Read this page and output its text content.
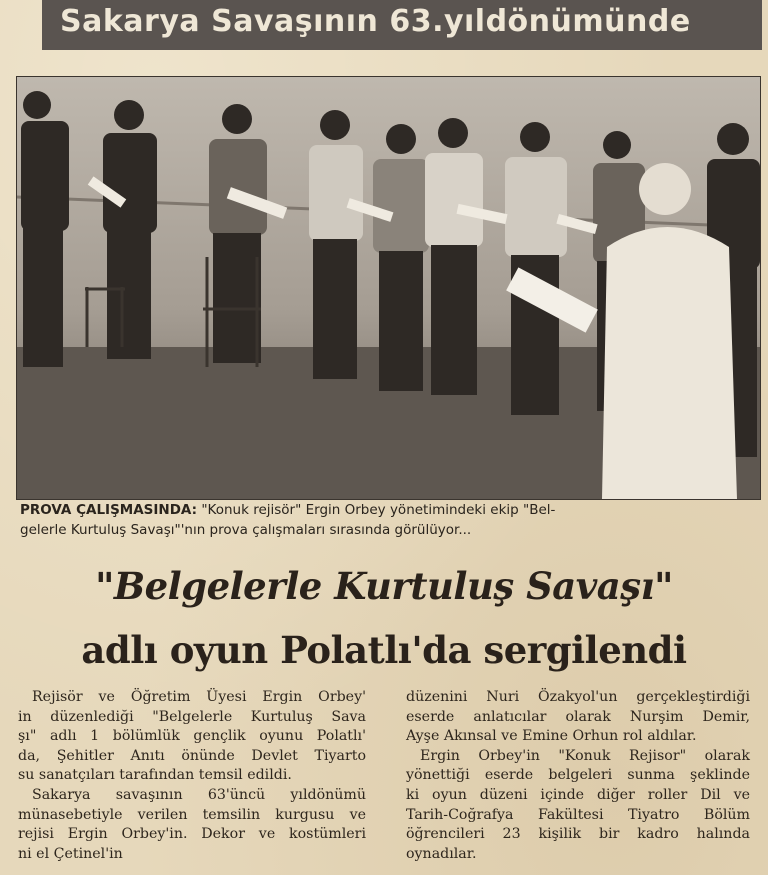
Sakarya Savaşının 63.yıldönümünde
PROVA ÇALIŞMASINDA: "Konuk rejisör" Ergin Orbey yönetimindeki ekip "Bel-
gelerle Kurtuluş Savaşı"'nın prova çalışmaları sırasında görülüyor...
"Belgelerle Kurtuluş Savaşı"
adlı oyun Polatlı'da sergilendi
Rejisör ve Öğretim Üyesi Ergin Orbey'
in düzenlediği "Belgelerle Kurtuluş Sava
şı" adlı 1 bölümlük gençlik oyunu Polatlı'
da, Şehitler Anıtı önünde Devlet Tiyarto
su sanatçıları tarafından temsil edildi.
Sakarya savaşının 63'üncü yıldönümü
münasebetiyle verilen temsilin kurgusu ve
rejisi Ergin Orbey'in. Dekor ve kostümleri
ni el Çetinel'in
düzenini Nuri Özakyol'un gerçekleştirdiği
eserde anlatıcılar olarak Nurşim Demir,
Ayşe Akınsal ve Emine Orhun rol aldılar.
Ergin Orbey'in "Konuk Rejisor" olarak
yönettiği eserde belgeleri sunma şeklinde
ki oyun düzeni içinde diğer roller Dil ve
Tarih-Coğrafya Fakültesi Tiyatro Bölüm
öğrencileri 23 kişilik bir kadro halında
oynadılar.
